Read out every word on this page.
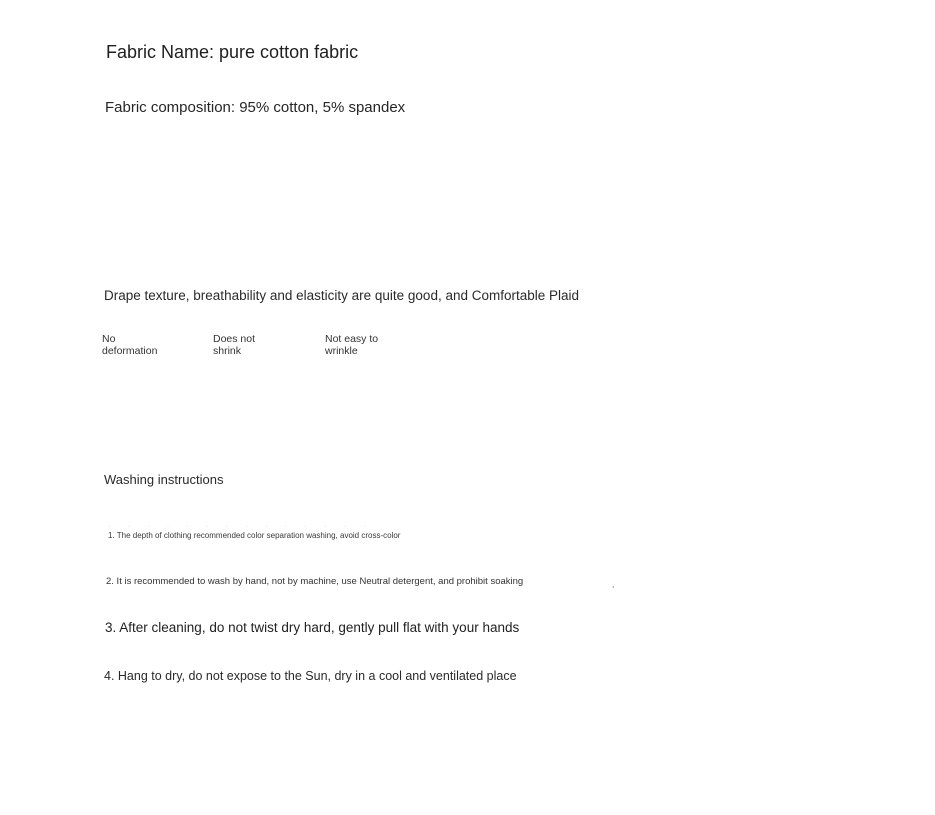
Fabric Name: pure cotton fabric
Fabric composition: 95% cotton, 5% spandex
Drape texture, breathability and elasticity are quite good, and Comfortable Plaid
No
deformation
Does not
shrink
Not easy to
wrinkle
Washing instructions
· · · · · · · · · · · · · ·
1. The depth of clothing recommended color separation washing, avoid cross-color
2. It is recommended to wash by hand, not by machine, use Neutral detergent, and prohibit soaking	,
3. After cleaning, do not twist dry hard, gently pull flat with your hands
4. Hang to dry, do not expose to the Sun, dry in a cool and ventilated place
